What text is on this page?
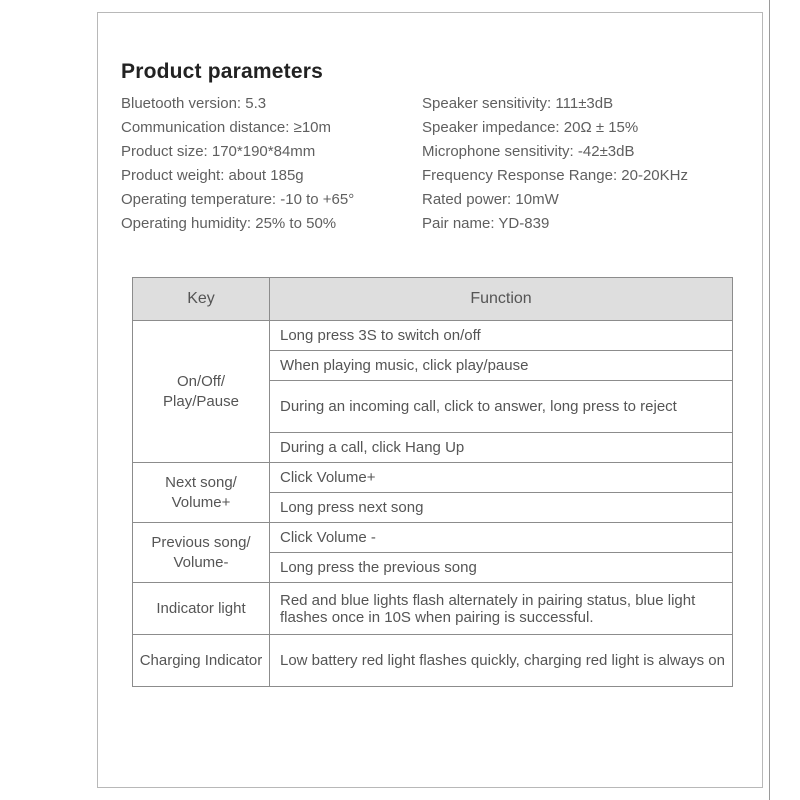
Product parameters
Bluetooth version: 5.3
Communication distance: ≥10m
Product size: 170*190*84mm
Product weight: about 185g
Operating temperature: -10 to +65°
Operating humidity: 25% to 50%
Speaker sensitivity: 111±3dB
Speaker impedance: 20Ω ± 15%
Microphone sensitivity: -42±3dB
Frequency Response Range: 20-20KHz
Rated power: 10mW
Pair name: YD-839
Key	Function
On/Off/ Play/Pause	Long press 3S to switch on/off
	When playing music, click play/pause
	During an incoming call, click to answer, long press to reject
	During a call, click Hang Up
Next song/ Volume+	Click Volume+
	Long press next song
Previous song/ Volume-	Click Volume -
	Long press the previous song
Indicator light	Red and blue lights flash alternately in pairing status, blue light flashes once in 10S when pairing is successful.
Charging Indicator	Low battery red light flashes quickly, charging red light is always on
